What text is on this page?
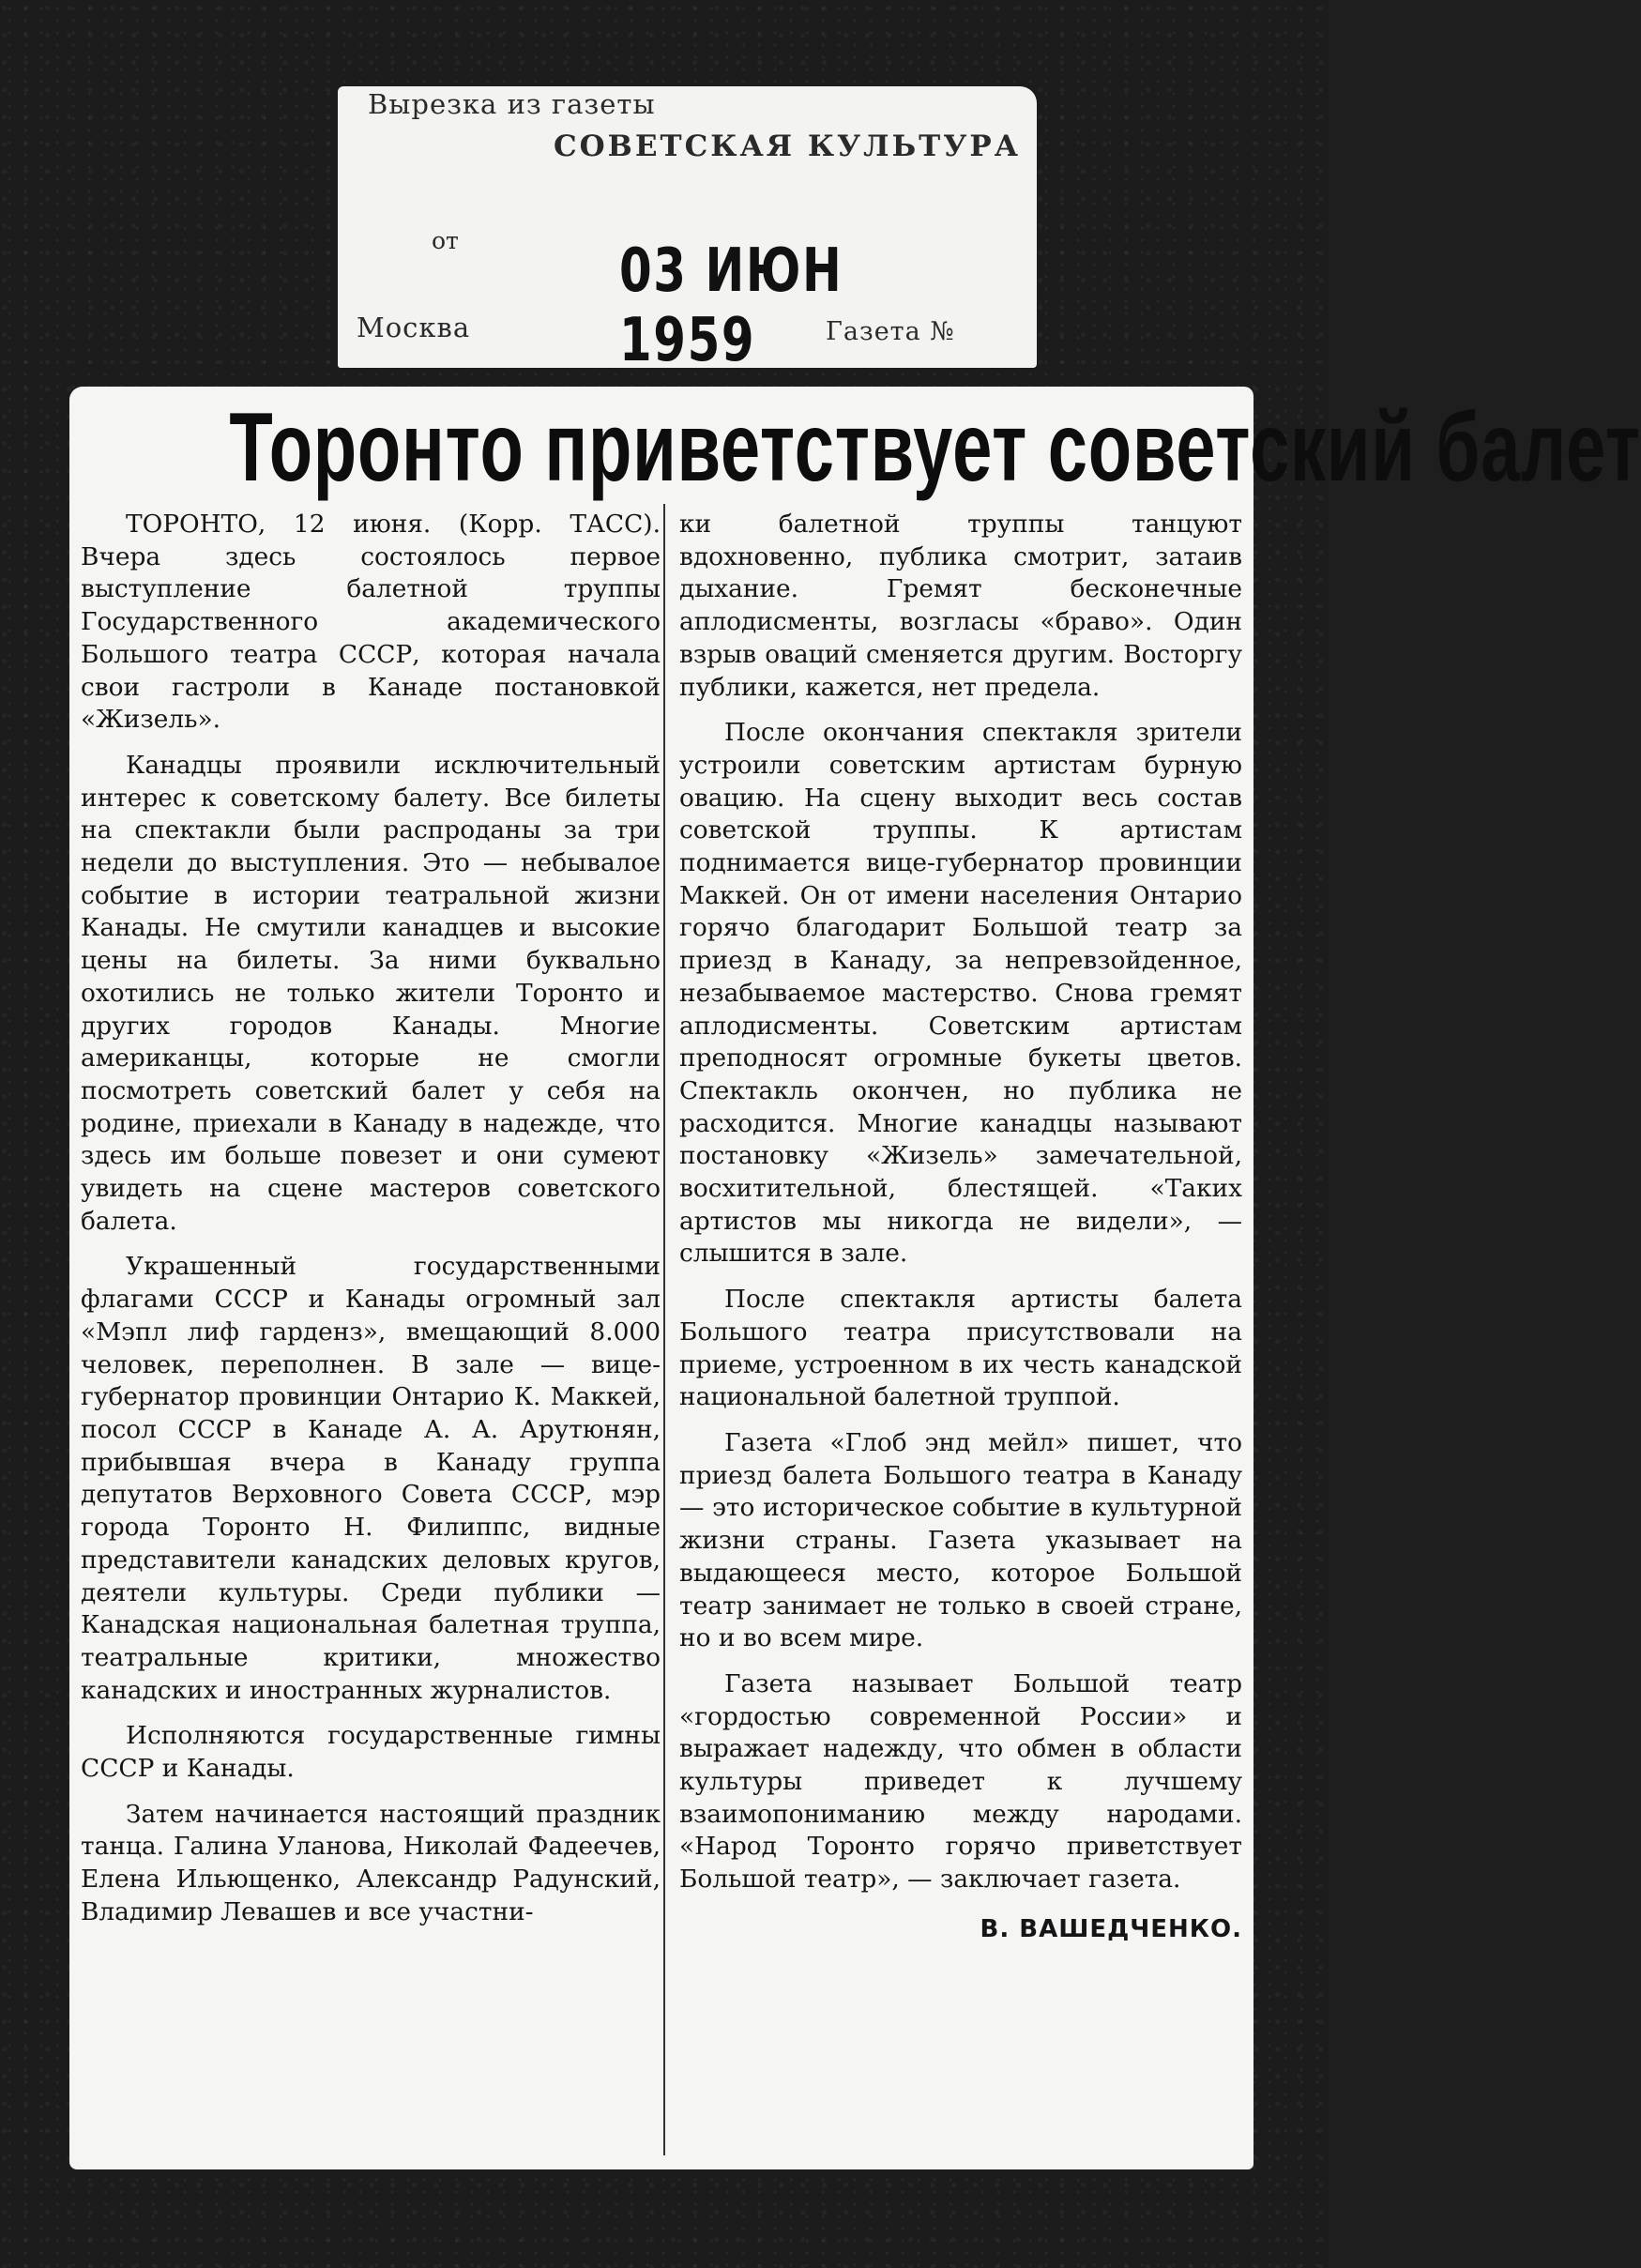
Вырезка из газеты
СОВЕТСКАЯ КУЛЬТУРА
от	03 ИЮН 1959
Москва	Газета №
Торонто приветствует советский балет

ТОРОНТО, 12 июня. (Корр. ТАСС). Вчера здесь состоялось первое выступление балетной труппы Государственного академического Большого театра СССР, которая начала свои гастроли в Канаде постановкой «Жизель».

Канадцы проявили исключительный интерес к советскому балету. Все билеты на спектакли были распроданы за три недели до выступления. Это — небывалое событие в истории театральной жизни Канады. Не смутили канадцев и высокие цены на билеты. За ними буквально охотились не только жители Торонто и других городов Канады. Многие американцы, которые не смогли посмотреть советский балет у себя на родине, приехали в Канаду в надежде, что здесь им больше повезет и они сумеют увидеть на сцене мастеров советского балета.

Украшенный государственными флагами СССР и Канады огромный зал «Мэпл лиф гарденз», вмещающий 8.000 человек, переполнен. В зале — вице-губернатор провинции Онтарио К. Маккей, посол СССР в Канаде А. А. Арутюнян, прибывшая вчера в Канаду группа депутатов Верховного Совета СССР, мэр города Торонто Н. Филиппс, видные представители канадских деловых кругов, деятели культуры. Среди публики — Канадская национальная балетная труппа, театральные критики, множество канадских и иностранных журналистов.

Исполняются государственные гимны СССР и Канады.

Затем начинается настоящий праздник танца. Галина Уланова, Николай Фадеечев, Елена Ильющенко, Александр Радунский, Владимир Левашев и все участни-

ки балетной труппы танцуют вдохновенно, публика смотрит, затаив дыхание. Гремят бесконечные аплодисменты, возгласы «браво». Один взрыв оваций сменяется другим. Восторгу публики, кажется, нет предела.

После окончания спектакля зрители устроили советским артистам бурную овацию. На сцену выходит весь состав советской труппы. К артистам поднимается вице-губернатор провинции Маккей. Он от имени населения Онтарио горячо благодарит Большой театр за приезд в Канаду, за непревзойденное, незабываемое мастерство. Снова гремят аплодисменты. Советским артистам преподносят огромные букеты цветов. Спектакль окончен, но публика не расходится. Многие канадцы называют постановку «Жизель» замечательной, восхитительной, блестящей. «Таких артистов мы никогда не видели», — слышится в зале.

После спектакля артисты балета Большого театра присутствовали на приеме, устроенном в их честь канадской национальной балетной труппой.

Газета «Глоб энд мейл» пишет, что приезд балета Большого театра в Канаду — это историческое событие в культурной жизни страны. Газета указывает на выдающееся место, которое Большой театр занимает не только в своей стране, но и во всем мире.

Газета называет Большой театр «гордостью современной России» и выражает надежду, что обмен в области культуры приведет к лучшему взаимопониманию между народами. «Народ Торонто горячо приветствует Большой театр», — заключает газета.

В. ВАШЕДЧЕНКО.
